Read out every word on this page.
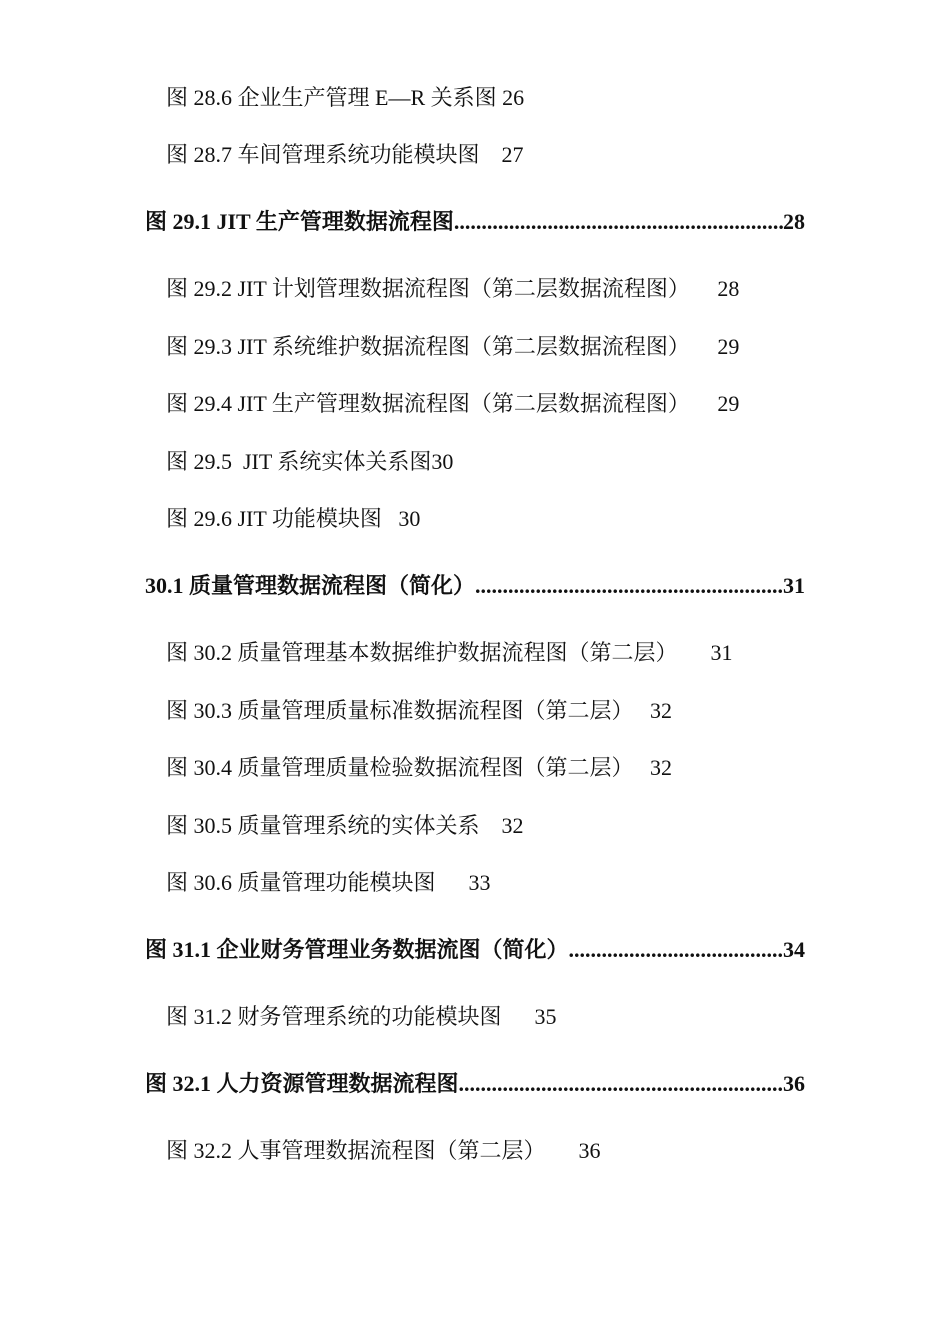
图 28.6 企业生产管理 E—R 关系图 26
图 28.7 车间管理系统功能模块图    27
图 29.1 JIT 生产管理数据流程图 .....	28
图 29.2 JIT 计划管理数据流程图（第二层数据流程图）     28
图 29.3 JIT 系统维护数据流程图（第二层数据流程图）     29
图 29.4 JIT 生产管理数据流程图（第二层数据流程图）     29
图 29.5  JIT 系统实体关系图30
图 29.6 JIT 功能模块图   30
30.1 质量管理数据流程图（简化） .....	31
图 30.2 质量管理基本数据维护数据流程图（第二层）      31
图 30.3 质量管理质量标准数据流程图（第二层）   32
图 30.4 质量管理质量检验数据流程图（第二层）   32
图 30.5 质量管理系统的实体关系    32
图 30.6 质量管理功能模块图      33
图 31.1 企业财务管理业务数据流图（简化） .....	34
图 31.2 财务管理系统的功能模块图      35
图 32.1 人力资源管理数据流程图 .....	36
图 32.2 人事管理数据流程图（第二层）      36
